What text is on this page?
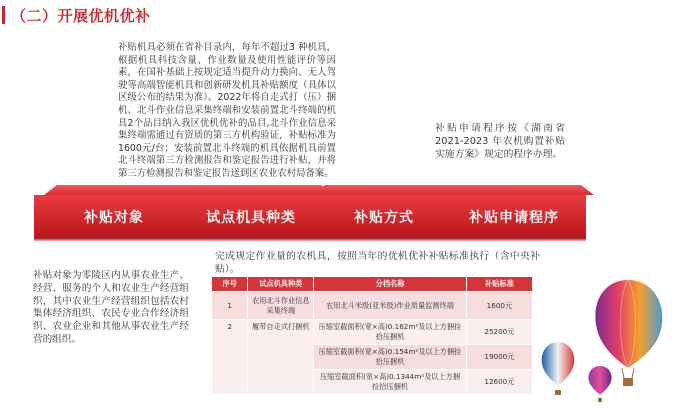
（二）开展优机优补
补贴机具必须在省补目录内，每年不超过3 种机具，根据机具科技含量、作业数量及使用性能评价等因素，在国补基础上按规定适当提升动力换向、无人驾驶等高端智能机具和创新研发机具补贴额度（具体以区级公布的结果为准）。2022年将自走式打（压）捆机、北斗作业信息采集终端和安装前置北斗终端的机具2个品目纳入我区优机优补的品目,北斗作业信息采集终端需通过有资质的第三方机构验证，补贴标准为1600元/台；安装前置北斗终端的机具依据机具前置北斗终端第三方检测报告和鉴定报告进行补贴，并将第三方检测报告和鉴定报告送到区农业农村局备案。
补贴申请程序按《湖南省2021-2023 年农机购置补贴实施方案》规定的程序办理。
补贴对象为零陵区内从事农业生产、经营、服务的个人和农业生产经营组织，其中农业生产经营组织包括农村集体经济组织、农民专业合作经济组织、农业企业和其他从事农业生产经营的组织。
完成规定作业量的农机具，按照当年的优机优补补贴标准执行（含中央补贴）。
补贴对象	试点机具种类	补贴方式	补贴申请程序
序号	试点机具种类	分档名称	补贴标准
1	农用北斗作业信息采集终端	农用北斗米级(亚米级)作业质量监测终端	1600元
2	履带自走式打捆机	压缩室截面积(宽×高)0.162m²及以上方捆捡拾压捆机	25200元
		压缩室截面积(宽×高)0.154m²及以上方捆捡拾压捆机	19000元
		压缩室截面积(宽×高)0.1344m²及以上方捆捡拾压捆机	12600元
